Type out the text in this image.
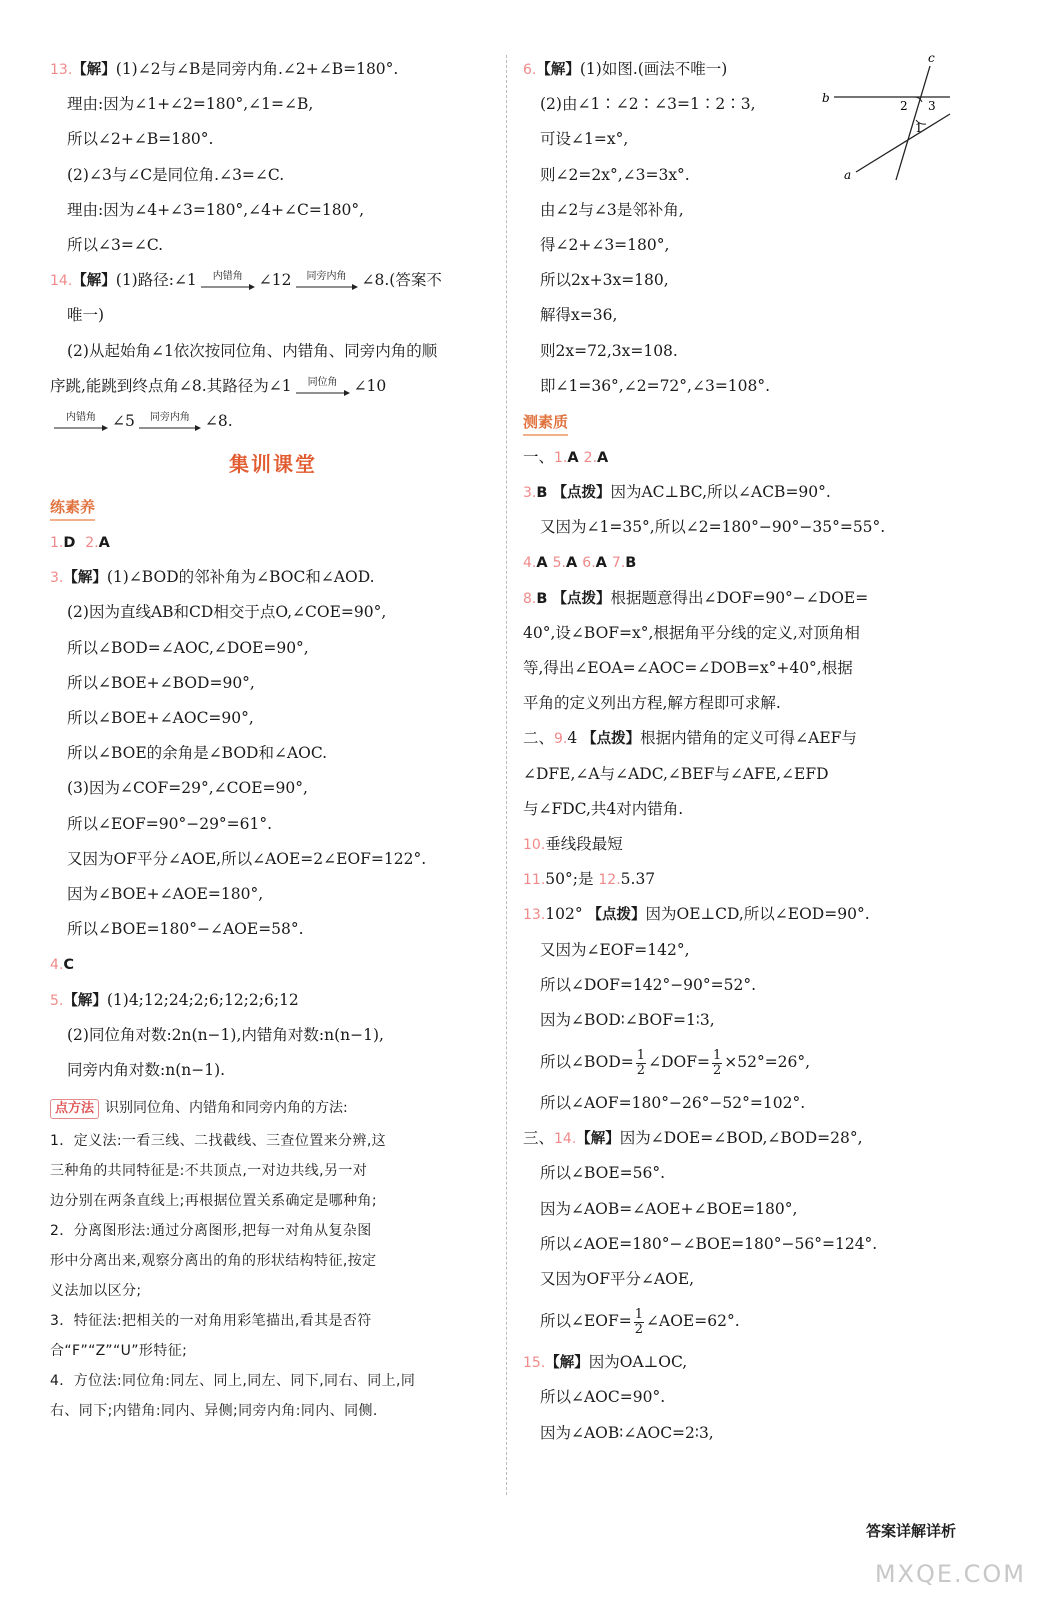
13.【解】(1)∠2与∠B是同旁内角.∠2+∠B=180°.
理由:因为∠1+∠2=180°,∠1=∠B,
所以∠2+∠B=180°.
(2)∠3与∠C是同位角.∠3=∠C.
理由:因为∠4+∠3=180°,∠4+∠C=180°,
所以∠3=∠C.
14.【解】(1)路径:∠1	内错角	∠12	同旁内角 ∠8.(答案不
唯一)
(2)从起始角∠1依次按同位角、内错角、同旁内角的顺
序跳,能跳到终点角∠8.其路径为∠1	同位角	∠10
内错角	∠5	同旁内角 ∠8.
集训课堂
练素养
1.D 2.A
3.【解】(1)∠BOD的邻补角为∠BOC和∠AOD.
(2)因为直线AB和CD相交于点O,∠COE=90°,
所以∠BOD=∠AOC,∠DOE=90°,
所以∠BOE+∠BOD=90°,
所以∠BOE+∠AOC=90°,
所以∠BOE的余角是∠BOD和∠AOC.
(3)因为∠COF=29°,∠COE=90°,
所以∠EOF=90°−29°=61°.
又因为OF平分∠AOE,所以∠AOE=2∠EOF=122°.
因为∠BOE+∠AOE=180°,
所以∠BOE=180°−∠AOE=58°.
4.C
5.【解】(1)4;12;24;2;6;12;2;6;12
(2)同位角对数:2n(n−1),内错角对数:n(n−1),
同旁内角对数:n(n−1).
点方法 识别同位角、内错角和同旁内角的方法:
1．定义法:一看三线、二找截线、三查位置来分辨,这
三种角的共同特征是:不共顶点,一对边共线,另一对
边分别在两条直线上;再根据位置关系确定是哪种角;
2．分离图形法:通过分离图形,把每一对角从复杂图
形中分离出来,观察分离出的角的形状结构特征,按定
义法加以区分;
3．特征法:把相关的一对角用彩笔描出,看其是否符
合“F”“Z”“U”形特征;
4．方位法:同位角:同左、同上,同左、同下,同右、同上,同
右、同下;内错角:同内、异侧;同旁内角:同内、同侧.
6.【解】(1)如图.(画法不唯一)
(2)由∠1∶∠2∶∠3=1∶2∶3,
可设∠1=x°,
则∠2=2x°,∠3=3x°.
由∠2与∠3是邻补角,
得∠2+∠3=180°,
所以2x+3x=180,
解得x=36,
则2x=72,3x=108.
即∠1=36°,∠2=72°,∠3=108°.
测素质
一、1.A 2.A
3.B 【点拨】因为AC⊥BC,所以∠ACB=90°.
又因为∠1=35°,所以∠2=180°−90°−35°=55°.
4.A 5.A 6.A 7.B
8.B 【点拨】根据题意得出∠DOF=90°−∠DOE=
40°,设∠BOF=x°,根据角平分线的定义,对顶角相
等,得出∠EOA=∠AOC=∠DOB=x°+40°,根据
平角的定义列出方程,解方程即可求解.
二、9.4 【点拨】根据内错角的定义可得∠AEF与
∠DFE,∠A与∠ADC,∠BEF与∠AFE,∠EFD
与∠FDC,共4对内错角.
10.垂线段最短
11.50°;是 12.5.37
13.102° 【点拨】因为OE⊥CD,所以∠EOD=90°.
又因为∠EOF=142°,
所以∠DOF=142°−90°=52°.
因为∠BOD∶∠BOF=1∶3,
所以∠BOD= $\frac{1}{2}$ ∠DOF= $\frac{1}{2} \times 52^\circ=26^\circ$,
所以∠AOF=180°−26°−52°=102°.
三、14.【解】因为∠DOE=∠BOD,∠BOD=28°,
所以∠BOE=56°.
因为∠AOB=∠AOE+∠BOE=180°,
所以∠AOE=180°−∠BOE=180°−56°=124°.
又因为OF平分∠AOE,
所以∠EOF= $\frac{1}{2}$ ∠AOE=62°.
15.【解】因为OA⊥OC,
所以∠AOC=90°.
因为∠AOB∶∠AOC=2∶3,
c
b
a
2 3
1
答案详解详析
MXQE.COM
